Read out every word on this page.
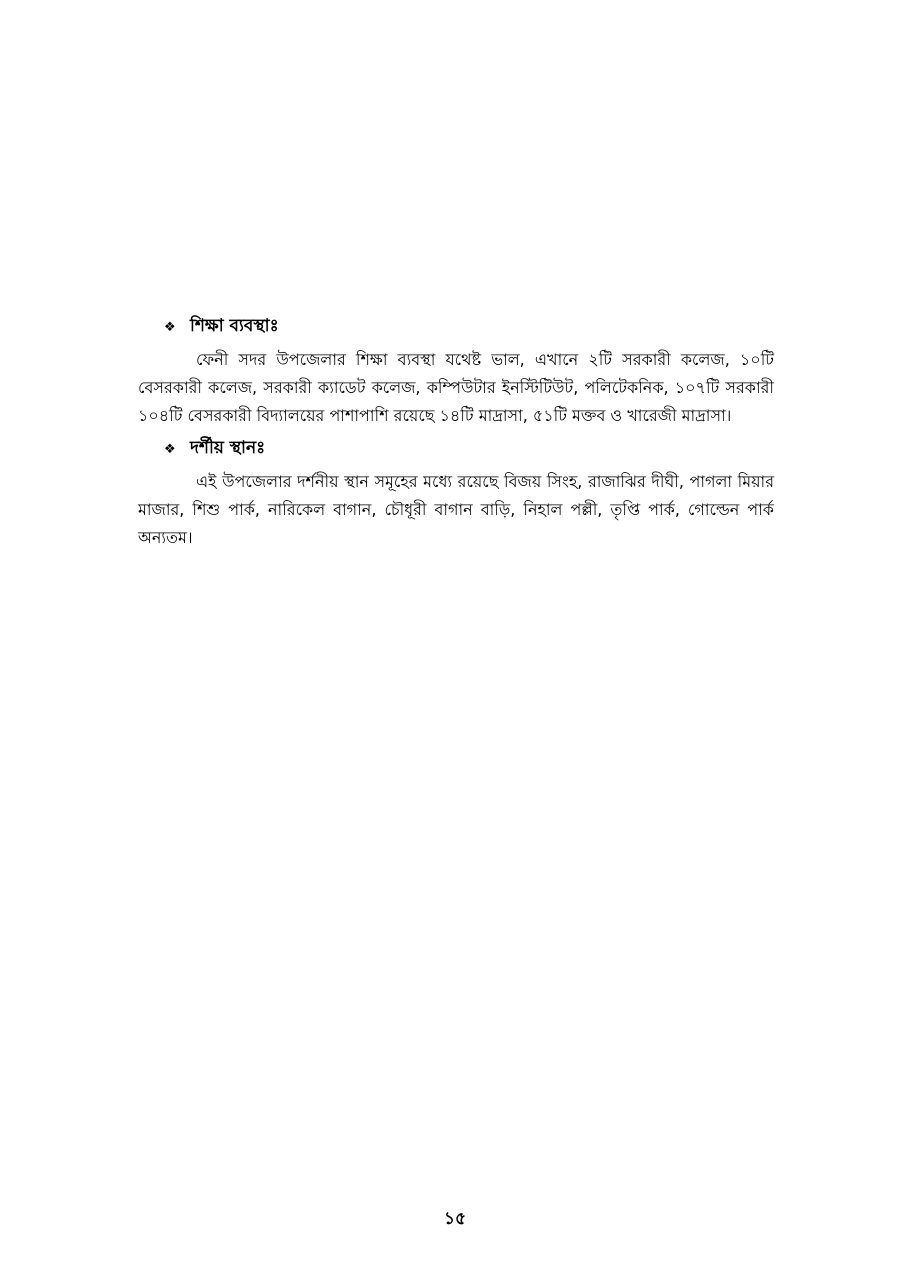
❖ শিক্ষা ব্যবস্থাঃ

ফেনী সদর উপজেলার শিক্ষা ব্যবস্থা যথেষ্ট ভাল, এখানে ২টি সরকারী কলেজ, ১০টি বেসরকারী কলেজ, সরকারী ক্যাডেট কলেজ, কম্পিউটার ইনস্টিটিউট, পলিটেকনিক, ১০৭টি সরকারী ১০৪টি বেসরকারী বিদ্যালয়ের পাশাপাশি রয়েছে ১৪টি মাদ্রাসা, ৫১টি মক্তব ও খারেজী মাদ্রাসা।

❖ দর্শীয় স্থানঃ

এই উপজেলার দর্শনীয় স্থান সমূহের মধ্যে রয়েছে বিজয় সিংহ, রাজাঝির দীঘী, পাগলা মিয়ার মাজার, শিশু পার্ক, নারিকেল বাগান, চৌধূরী বাগান বাড়ি, নিহাল পল্লী, তৃপ্তি পার্ক, গোল্ডেন পার্ক অন্যতম।

১৫
